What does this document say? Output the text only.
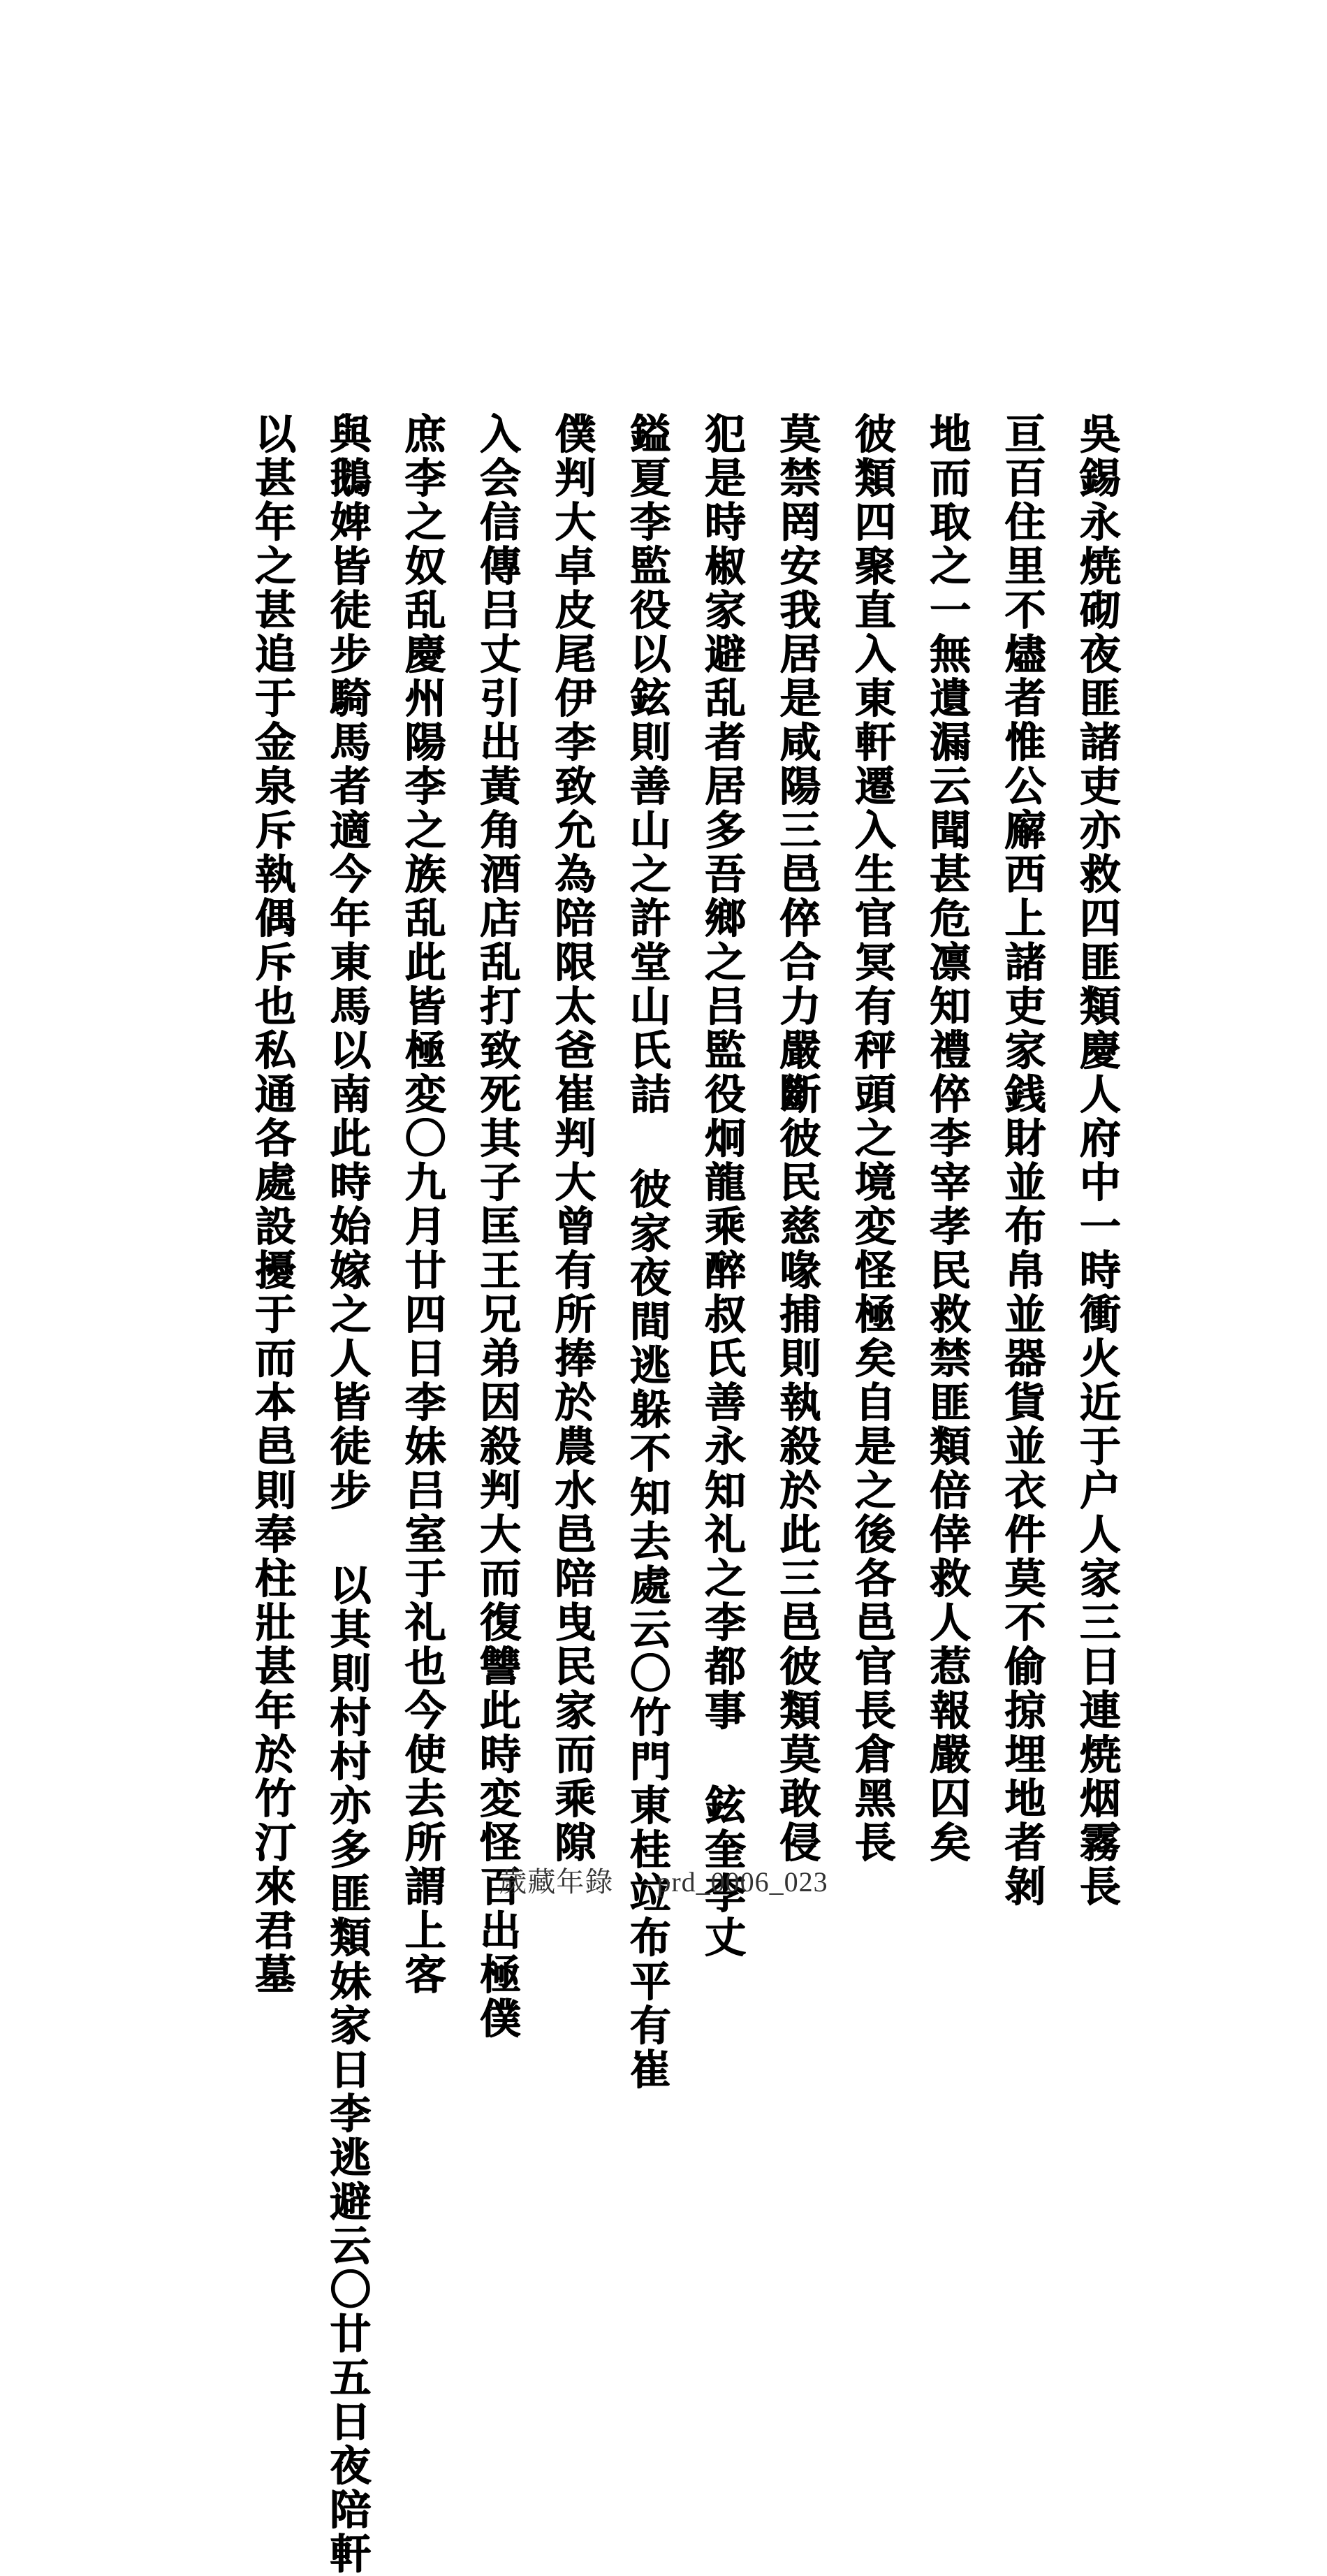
吳錫永焼砌夜匪諸吏亦救四匪類慶人府中一時衝火近于户人家三日連焼烟霧長
亘百住里不燼者惟公廨西上諸吏家銭財並布帛並器貨並衣件莫不偷掠埋地者剝
地而取之一無遺漏云聞甚危凛知禮倅李宰孝民救禁匪類倍倖救人惹報嚴囚矣
彼類四聚直入東軒遷入生官冥有秤頭之境変怪極矣自是之後各邑官長倉黑長
莫禁罔安我居是咸陽三邑倅合力嚴斷彼民慈喙捕則執殺於此三邑彼類莫敢侵
犯是時椒家避乱者居多吾鄉之吕監役炯龍乘醉叔氏善永知礼之李都事 鉉奎李丈
鎰夏李監役以鉉則善山之許堂山氏詰 彼家夜間逃躲不知去處云〇竹門東桂竝布平有崔
僕判大卓皮尾伊李致允為陪限太爸崔判大曾有所捧於農水邑陪曳民家而乘隙
入会信傳吕丈引出黃角酒店乱打致死其子匡王兄弟因殺判大而復讐此時変怪百出極僕
庶李之奴乱慶州陽李之族乱此皆極変〇九月廿四日李妹吕室于礼也今使去所謂上客
與鵝婢皆徒步騎馬者適今年東馬以南此時始嫁之人皆徒步 以其則村村亦多匪類妹家日李逃避云〇廿五日夜陪軒
以甚年之甚追于金泉斥執偶斥也私通各處設擾于而本邑則奉柱壯甚年於竹汀來君墓	歲藏年錄 prd_0006_023
